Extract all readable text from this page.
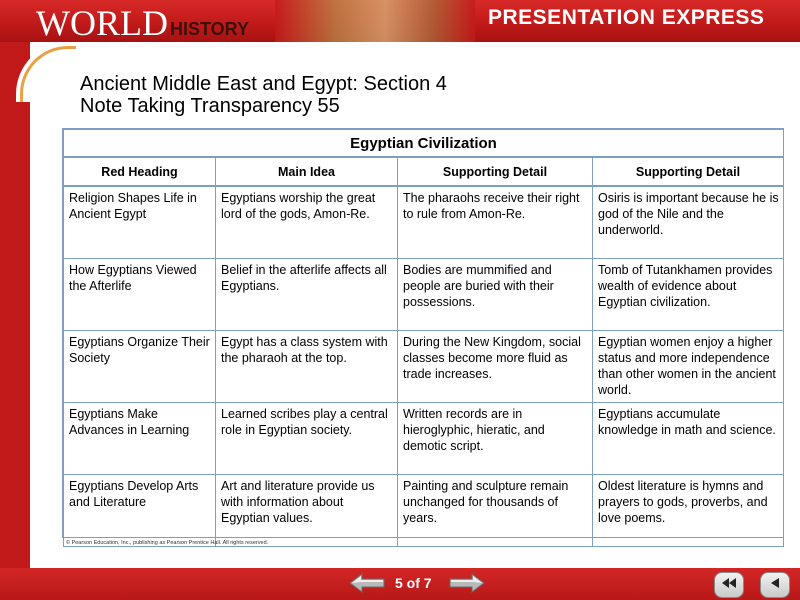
WORLD HISTORY	PRESENTATION EXPRESS
Ancient Middle East and Egypt: Section 4
Note Taking Transparency 55
Egyptian Civilization			
Red Heading	Main Idea	Supporting Detail	Supporting Detail
Religion Shapes Life in Ancient Egypt	Egyptians worship the great lord of the gods, Amon-Re.	The pharaohs receive their right to rule from Amon-Re.	Osiris is important because he is god of the Nile and the underworld.
How Egyptians Viewed the Afterlife	Belief in the afterlife affects all Egyptians.	Bodies are mummified and people are buried with their possessions.	Tomb of Tutankhamen provides wealth of evidence about Egyptian civilization.
Egyptians Organize Their Society	Egypt has a class system with the pharaoh at the top.	During the New Kingdom, social classes become more fluid as trade increases.	Egyptian women enjoy a higher status and more independence than other women in the ancient world.
Egyptians Make Advances in Learning	Learned scribes play a central role in Egyptian society.	Written records are in hieroglyphic, hieratic, and demotic script.	Egyptians accumulate knowledge in math and science.
Egyptians Develop Arts and Literature	Art and literature provide us with information about Egyptian values.	Painting and sculpture remain unchanged for thousands of years.	Oldest literature is hymns and prayers to gods, proverbs, and love poems.
© Pearson Education, Inc., publishing as Pearson Prentice Hall. All rights reserved.
5 of 7
